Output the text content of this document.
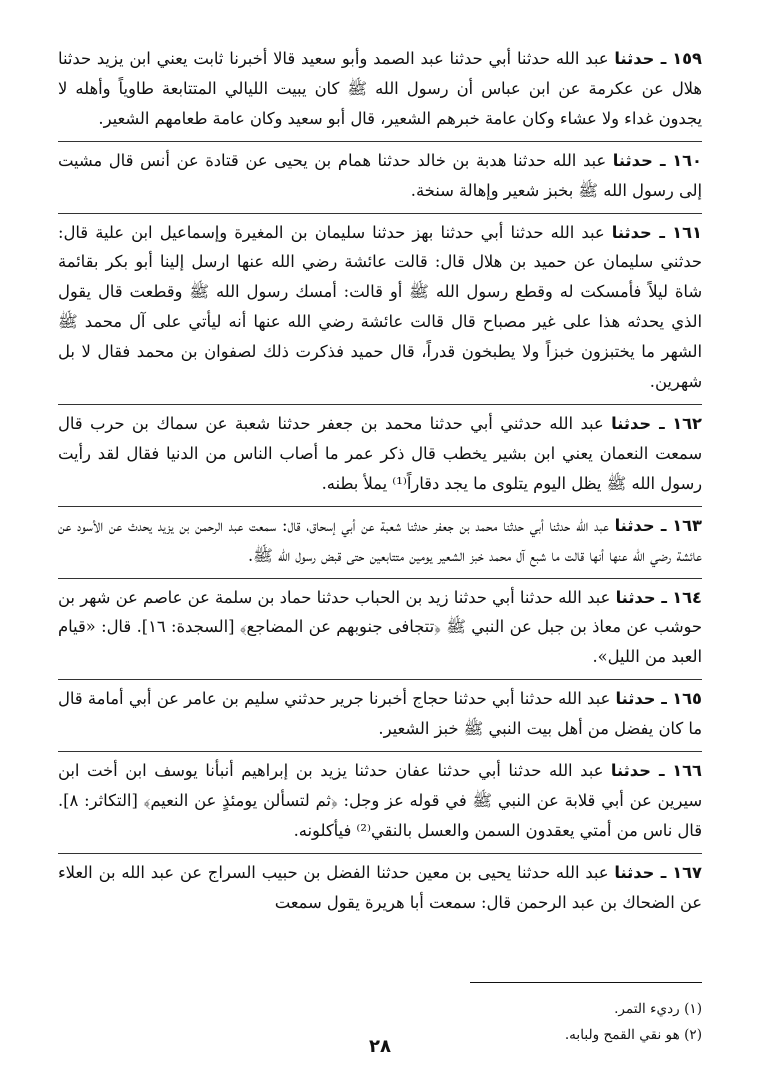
١٥٩ ـ حدثنا عبد الله حدثنا أبي حدثنا عبد الصمد وأبو سعيد قالا أخبرنا ثابت يعني ابن يزيد حدثنا هلال عن عكرمة عن ابن عباس أن رسول الله ﷺ كان يبيت الليالي المتتابعة طاوياً وأهله لا يجدون غداء ولا عشاء وكان عامة خبرهم الشعير، قال أبو سعيد وكان عامة طعامهم الشعير.

١٦٠ ـ حدثنا عبد الله حدثنا هدبة بن خالد حدثنا همام بن يحيى عن قتادة عن أنس قال مشيت إلى رسول الله ﷺ بخبز شعير وإهالة سنخة.

١٦١ ـ حدثنا عبد الله حدثنا أبي حدثنا بهز حدثنا سليمان بن المغيرة وإسماعيل ابن علية قال: حدثني سليمان عن حميد بن هلال قال: قالت عائشة رضي الله عنها ارسل إلينا أبو بكر بقائمة شاة ليلاً فأمسكت له وقطع رسول الله ﷺ أو قالت: أمسك رسول الله ﷺ وقطعت قال يقول الذي يحدثه هذا على غير مصباح قال قالت عائشة رضي الله عنها أنه ليأتي على آل محمد ﷺ الشهر ما يختبزون خبزاً ولا يطبخون قدراً، قال حميد فذكرت ذلك لصفوان بن محمد فقال لا بل شهرين.

١٦٢ ـ حدثنا عبد الله حدثني أبي حدثنا محمد بن جعفر حدثنا شعبة عن سماك بن حرب قال سمعت النعمان يعني ابن بشير يخطب قال ذكر عمر ما أصاب الناس من الدنيا فقال لقد رأيت رسول الله ﷺ يظل اليوم يتلوى ما يجد دقاراً⁽¹⁾ يملأ بطنه.

١٦٣ ـ حدثنا عبد الله حدثنا أبي حدثنا محمد بن جعفر حدثنا شعبة عن أبي إسحاق، قال: سمعت عبد الرحمن بن يزيد يحدث عن الأسود عن عائشة رضي الله عنها أنها قالت ما شبع آل محمد خبز الشعير يومين متتابعين حتى قبض رسول الله ﷺ.

١٦٤ ـ حدثنا عبد الله حدثنا أبي حدثنا زيد بن الحباب حدثنا حماد بن سلمة عن عاصم عن شهر بن حوشب عن معاذ بن جبل عن النبي ﷺ ﴿تتجافى جنوبهم عن المضاجع﴾ [السجدة: ١٦]. قال: «قيام العبد من الليل».

١٦٥ ـ حدثنا عبد الله حدثنا أبي حدثنا حجاج أخبرنا جرير حدثني سليم بن عامر عن أبي أمامة قال ما كان يفضل من أهل بيت النبي ﷺ خبز الشعير.

١٦٦ ـ حدثنا عبد الله حدثنا أبي حدثنا عفان حدثنا يزيد بن إبراهيم أنبأنا يوسف ابن أخت ابن سيرين عن أبي قلابة عن النبي ﷺ في قوله عز وجل: ﴿ثم لتسألن يومئذٍ عن النعيم﴾ [التكاثر: ٨]. قال ناس من أمتي يعقدون السمن والعسل بالنقي⁽²⁾ فيأكلونه.

١٦٧ ـ حدثنا عبد الله حدثنا يحيى بن معين حدثنا الفضل بن حبيب السراج عن عبد الله بن العلاء عن الضحاك بن عبد الرحمن قال: سمعت أبا هريرة يقول سمعت

(١) رديء التمر.
(٢) هو نقي القمح ولبابه.
٢٨
